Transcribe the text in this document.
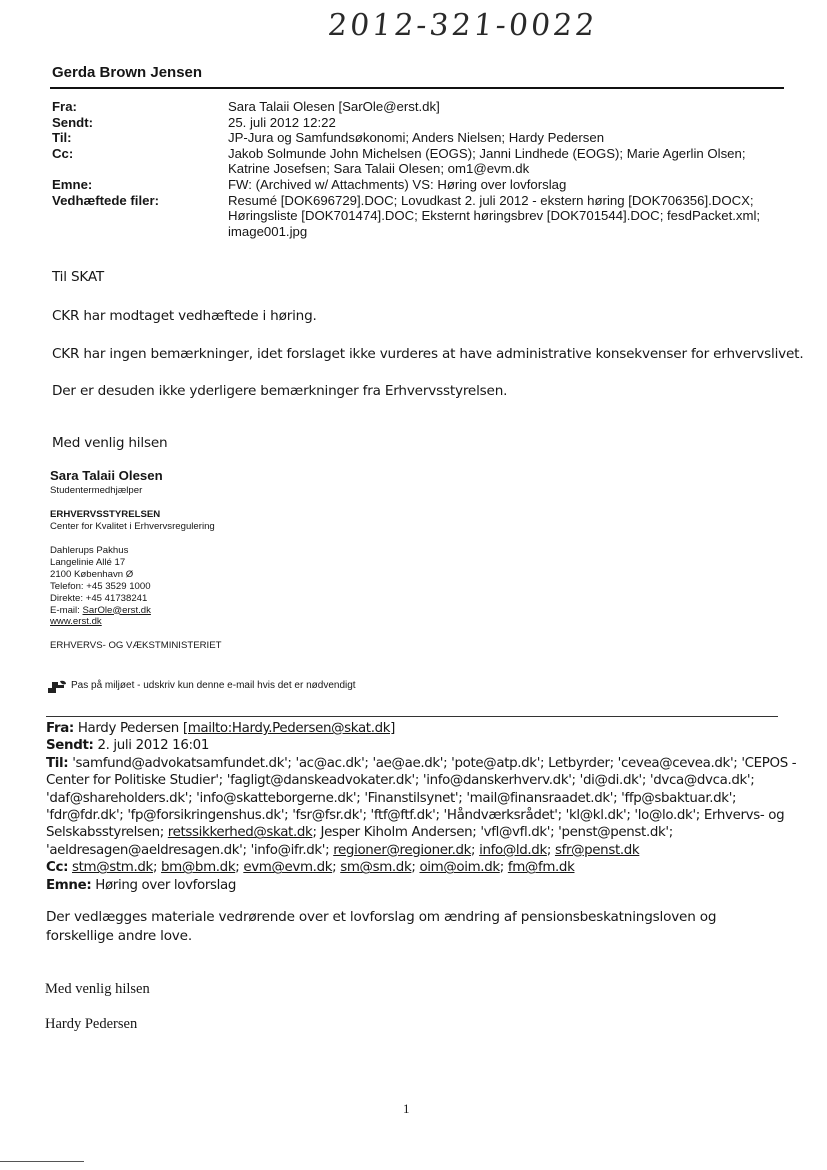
2012-321-0022
Gerda Brown Jensen
Fra:	Sara Talaii Olesen [SarOle@erst.dk]
Sendt:	25. juli 2012 12:22
Til:	JP-Jura og Samfundsøkonomi; Anders Nielsen; Hardy Pedersen
Cc:	Jakob Solmunde John Michelsen (EOGS); Janni Lindhede (EOGS); Marie Agerlin Olsen; Katrine Josefsen; Sara Talaii Olesen; om1@evm.dk
Emne:	FW: (Archived w/ Attachments) VS: Høring over lovforslag
Vedhæftede filer:	Resumé [DOK696729].DOC; Lovudkast 2. juli 2012 - ekstern høring [DOK706356].DOCX; Høringsliste [DOK701474].DOC; Eksternt høringsbrev [DOK701544].DOC; fesdPacket.xml; image001.jpg
Til SKAT
CKR har modtaget vedhæftede i høring.
CKR har ingen bemærkninger, idet forslaget ikke vurderes at have administrative konsekvenser for erhvervslivet.
Der er desuden ikke yderligere bemærkninger fra Erhvervsstyrelsen.
Med venlig hilsen
Sara Talaii Olesen
Studentermedhjælper
ERHVERVSSTYRELSEN
Center for Kvalitet i Erhvervsregulering
Dahlerups Pakhus
Langelinie Allé 17
2100 København Ø
Telefon: +45 3529 1000
Direkte: +45 41738241
E-mail: SarOle@erst.dk
www.erst.dk
ERHVERVS- OG VÆKSTMINISTERIET
Pas på miljøet - udskriv kun denne e-mail hvis det er nødvendigt
Fra: Hardy Pedersen [mailto:Hardy.Pedersen@skat.dk]
Sendt: 2. juli 2012 16:01
Til: 'samfund@advokatsamfundet.dk'; 'ac@ac.dk'; 'ae@ae.dk'; 'pote@atp.dk'; Letbyrder; 'cevea@cevea.dk'; 'CEPOS -
Center for Politiske Studier'; 'fagligt@danskeadvokater.dk'; 'info@danskerhverv.dk'; 'di@di.dk'; 'dvca@dvca.dk';
'daf@shareholders.dk'; 'info@skatteborgerne.dk'; 'Finanstilsynet'; 'mail@finansraadet.dk'; 'ffp@sbaktuar.dk';
'fdr@fdr.dk'; 'fp@forsikringenshus.dk'; 'fsr@fsr.dk'; 'ftf@ftf.dk'; 'Håndværksrådet'; 'kl@kl.dk'; 'lo@lo.dk'; Erhvervs- og
Selskabsstyrelsen; retssikkerhed@skat.dk; Jesper Kiholm Andersen; 'vfl@vfl.dk'; 'penst@penst.dk';
'aeldresagen@aeldresagen.dk'; 'info@ifr.dk'; regioner@regioner.dk; info@ld.dk; sfr@penst.dk
Cc: stm@stm.dk; bm@bm.dk; evm@evm.dk; sm@sm.dk; oim@oim.dk; fm@fm.dk
Emne: Høring over lovforslag
Der vedlægges materiale vedrørende over et lovforslag om ændring af pensionsbeskatningsloven og forskellige andre love.
Med venlig hilsen
Hardy Pedersen
1
